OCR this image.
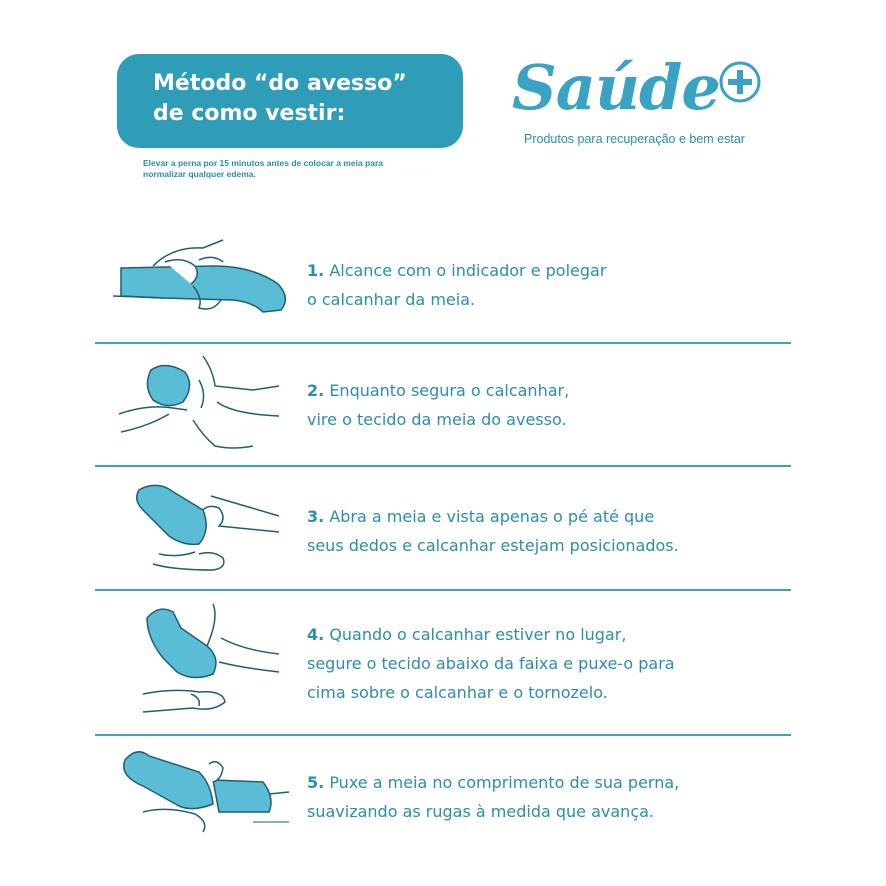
Método “do avesso”
de como vestir:
Elevar a perna por 15 minutos antes de colocar a meia para
normalizar qualquer edema.
Saúde
Produtos para recuperação e bem estar
1. Alcance com o indicador e polegar
o calcanhar da meia.
2. Enquanto segura o calcanhar,
vire o tecido da meia do avesso.
3. Abra a meia e vista apenas o pé até que
seus dedos e calcanhar estejam posicionados.
4. Quando o calcanhar estiver no lugar,
segure o tecido abaixo da faixa e puxe-o para
cima sobre o calcanhar e o tornozelo.
5. Puxe a meia no comprimento de sua perna,
suavizando as rugas à medida que avança.
